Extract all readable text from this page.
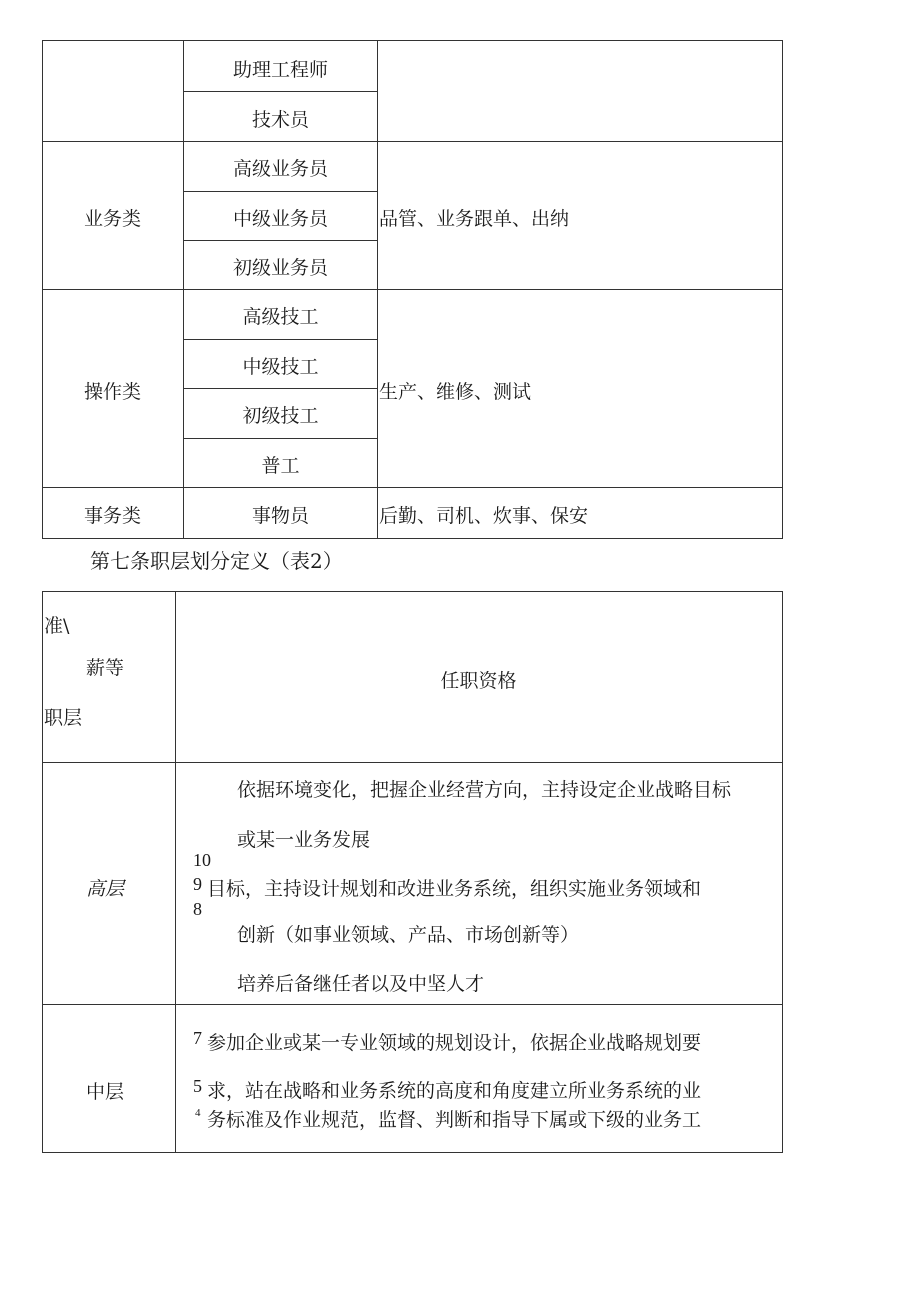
助理工程师
技术员
业务类
高级业务员
中级业务员
初级业务员
品管、业务跟单、出纳
操作类
高级技工
中级技工
初级技工
普工
生产、维修、测试
事务类	事物员	后勤、司机、炊事、保安
第七条职层划分定义（表2）
准\
薪等
职层
任职资格
高层
依据环境变化，把握企业经营方向，主持设定企业战略目标
或某一业务发展
10
9 目标，主持设计规划和改进业务系统，组织实施业务领域和
8
创新（如事业领域、产品、市场创新等）
培养后备继任者以及中坚人才
中层
7 参加企业或某一专业领域的规划设计，依据企业战略规划要
5 求，站在战略和业务系统的高度和角度建立所业务系统的业
4 务标准及作业规范，监督、判断和指导下属或下级的业务工
